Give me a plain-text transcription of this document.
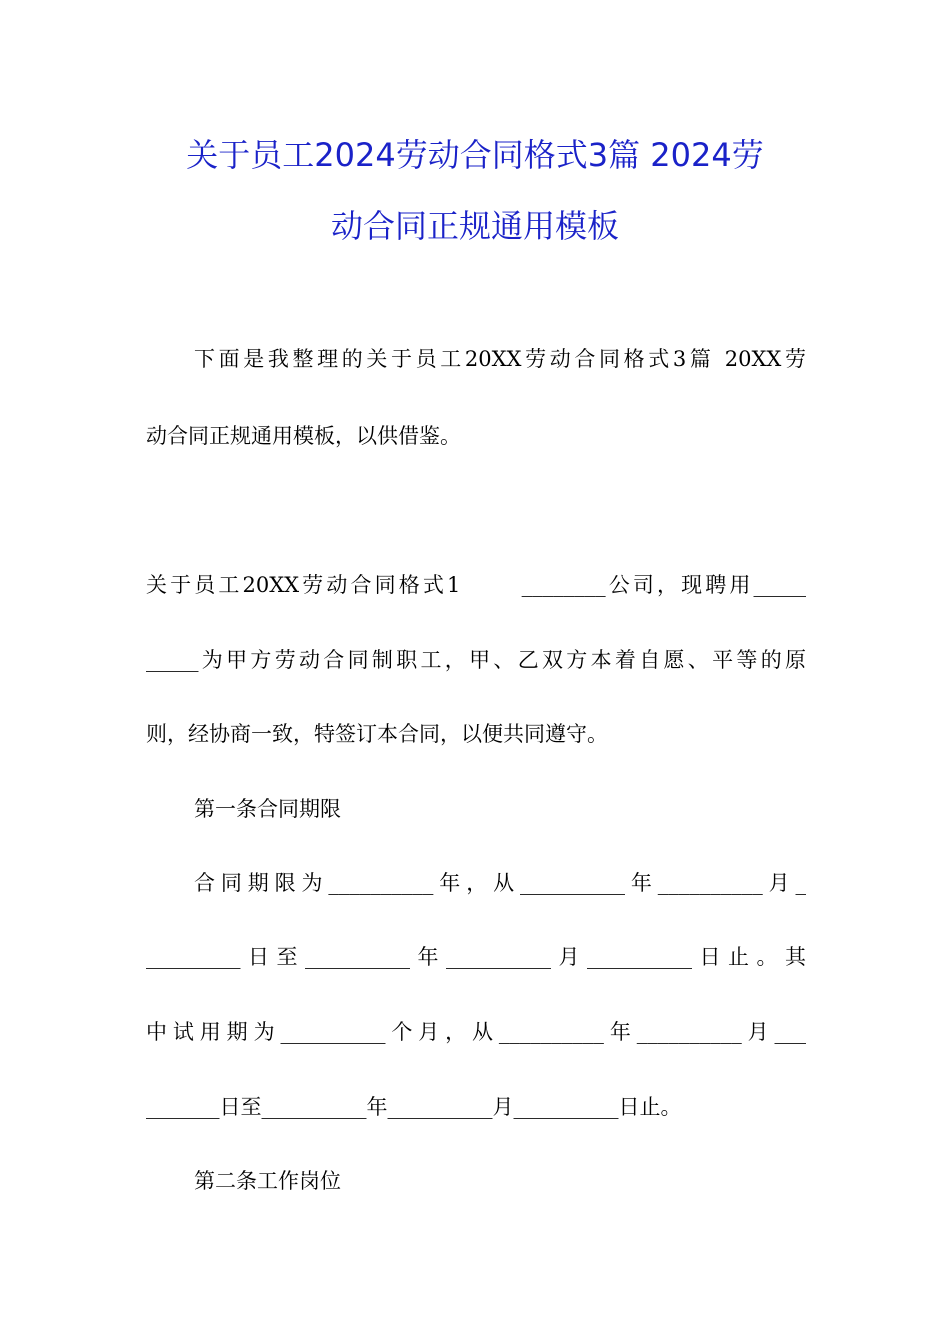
关于员工2024劳动合同格式3篇 2024劳
动合同正规通用模板
下面是我整理的关于员工20XX劳动合同格式3篇 20XX劳
动合同正规通用模板，以供借鉴。
关于员工20XX劳动合同格式1　　 ________公司，现聘用_____
_____为甲方劳动合同制职工，甲、乙双方本着自愿、平等的原
则，经协商一致，特签订本合同，以便共同遵守。
第一条合同期限
合同期限为__________年，从__________年__________月_
_________日至__________年__________月__________日止。其
中试用期为__________个月，从__________年__________月___
_______日至__________年__________月__________日止。
第二条工作岗位
